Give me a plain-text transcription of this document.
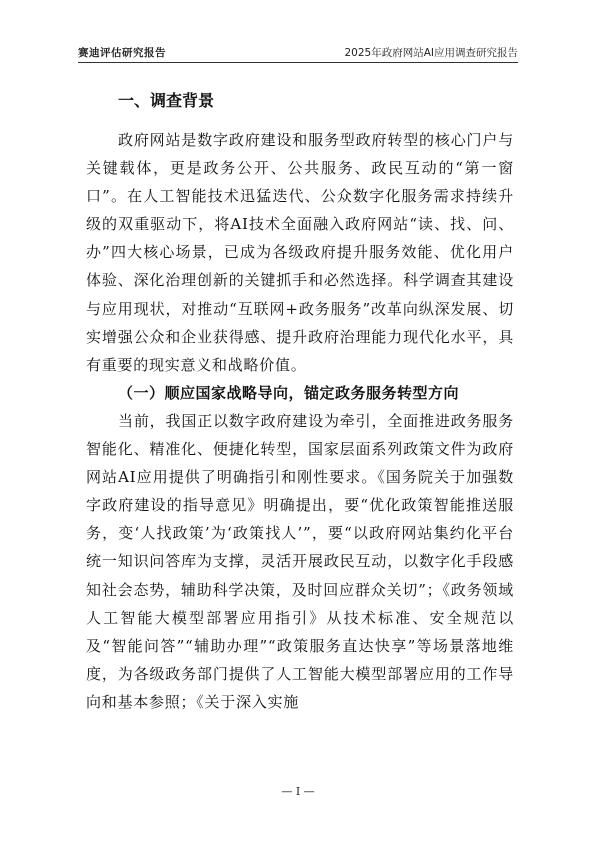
赛迪评估研究报告	2025年政府网站AI应用调查研究报告
一、调查背景

政府网站是数字政府建设和服务型政府转型的核心门户与关键载体，更是政务公开、公共服务、政民互动的“第一窗口”。在人工智能技术迅猛迭代、公众数字化服务需求持续升级的双重驱动下，将AI技术全面融入政府网站“读、找、问、办”四大核心场景，已成为各级政府提升服务效能、优化用户体验、深化治理创新的关键抓手和必然选择。科学调查其建设与应用现状，对推动“互联网+政务服务”改革向纵深发展、切实增强公众和企业获得感、提升政府治理能力现代化水平，具有重要的现实意义和战略价值。

（一）顺应国家战略导向，锚定政务服务转型方向

当前，我国正以数字政府建设为牵引，全面推进政务服务智能化、精准化、便捷化转型，国家层面系列政策文件为政府网站AI应用提供了明确指引和刚性要求。《国务院关于加强数字政府建设的指导意见》明确提出，要“优化政策智能推送服务，变‘人找政策’为‘政策找人’”，要“以政府网站集约化平台统一知识问答库为支撑，灵活开展政民互动，以数字化手段感知社会态势，辅助科学决策，及时回应群众关切”；《政务领域人工智能大模型部署应用指引》从技术标准、安全规范以及“智能问答”“辅助办理”“政策服务直达快享”等场景落地维度，为各级政务部门提供了人工智能大模型部署应用的工作导向和基本参照；《关于深入实施

— I —
